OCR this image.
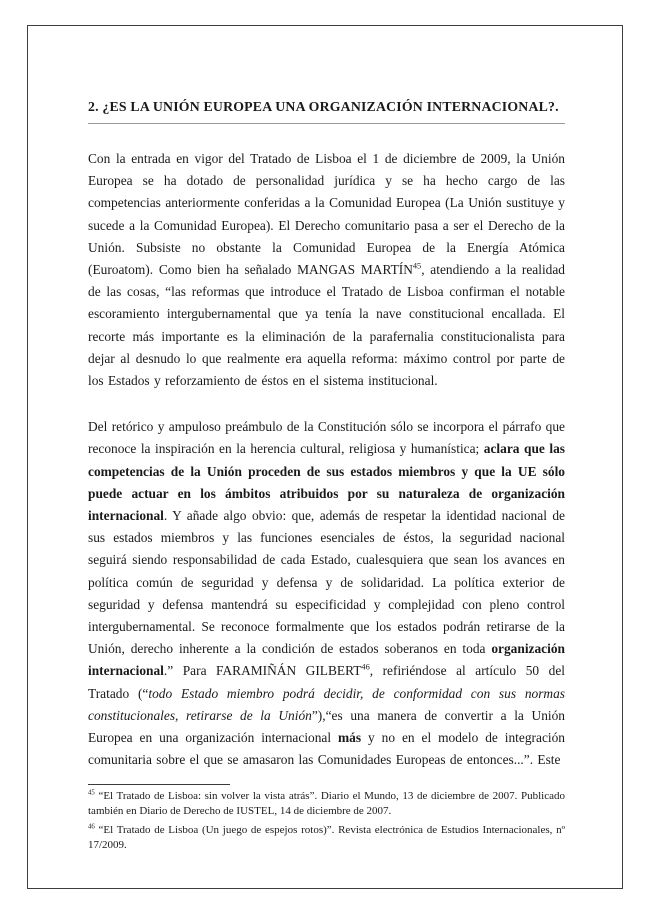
2. ¿ES LA UNIÓN EUROPEA UNA ORGANIZACIÓN INTERNACIONAL?.

Con la entrada en vigor del Tratado de Lisboa el 1 de diciembre de 2009, la Unión Europea se ha dotado de personalidad jurídica y se ha hecho cargo de las competencias anteriormente conferidas a la Comunidad Europea (La Unión sustituye y sucede a la Comunidad Europea). El Derecho comunitario pasa a ser el Derecho de la Unión. Subsiste no obstante la Comunidad Europea de la Energía Atómica (Euroatom). Como bien ha señalado MANGAS MARTÍN$^{45}$, atendiendo a la realidad de las cosas, “las reformas que introduce el Tratado de Lisboa confirman el notable escoramiento intergubernamental que ya tenía la nave constitucional encallada. El recorte más importante es la eliminación de la parafernalia constitucionalista para dejar al desnudo lo que realmente era aquella reforma: máximo control por parte de los Estados y reforzamiento de éstos en el sistema institucional.

Del retórico y ampuloso preámbulo de la Constitución sólo se incorpora el párrafo que reconoce la inspiración en la herencia cultural, religiosa y humanística; aclara que las competencias de la Unión proceden de sus estados miembros y que la UE sólo puede actuar en los ámbitos atribuidos por su naturaleza de organización internacional. Y añade algo obvio: que, además de respetar la identidad nacional de sus estados miembros y las funciones esenciales de éstos, la seguridad nacional seguirá siendo responsabilidad de cada Estado, cualesquiera que sean los avances en política común de seguridad y defensa y de solidaridad. La política exterior de seguridad y defensa mantendrá su especificidad y complejidad con pleno control intergubernamental. Se reconoce formalmente que los estados podrán retirarse de la Unión, derecho inherente a la condición de estados soberanos en toda organización internacional.” Para FARAMIÑÁN GILBERT$^{46}$, refiriéndose al artículo 50 del Tratado (“todo Estado miembro podrá decidir, de conformidad con sus normas constitucionales, retirarse de la Unión”),“es una manera de convertir a la Unión Europea en una organización internacional más y no en el modelo de integración comunitaria sobre el que se amasaron las Comunidades Europeas de entonces...”. Este

$^{45}$ “El Tratado de Lisboa: sin volver la vista atrás”. Diario el Mundo, 13 de diciembre de 2007. Publicado también en Diario de Derecho de IUSTEL, 14 de diciembre de 2007.
$^{46}$ “El Tratado de Lisboa (Un juego de espejos rotos)”. Revista electrónica de Estudios Internacionales, nº 17/2009.
